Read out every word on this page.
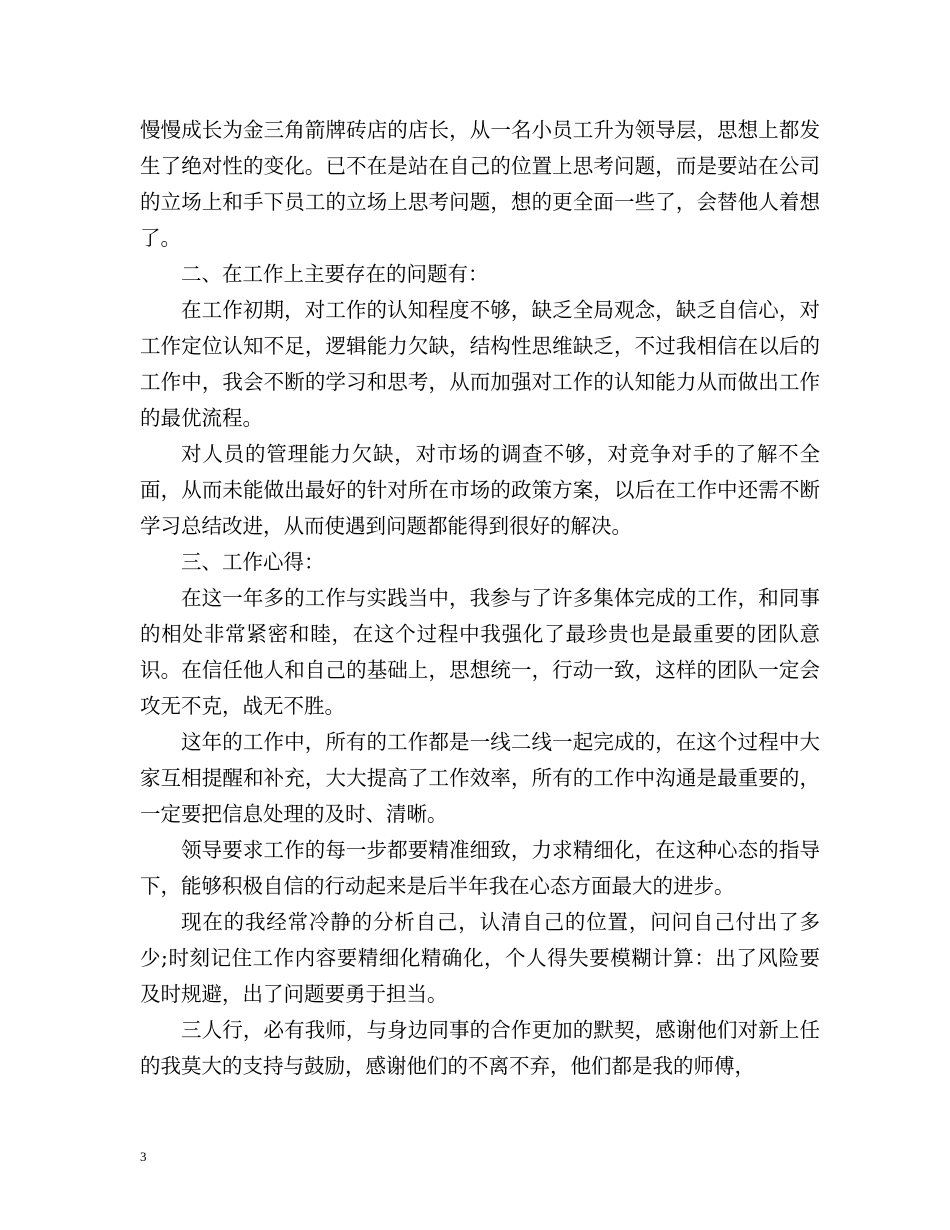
慢慢成长为金三角箭牌砖店的店长，从一名小员工升为领导层，思想上都发生了绝对性的变化。已不在是站在自己的位置上思考问题，而是要站在公司的立场上和手下员工的立场上思考问题，想的更全面一些了，会替他人着想了。

二、在工作上主要存在的问题有：

在工作初期，对工作的认知程度不够，缺乏全局观念，缺乏自信心，对工作定位认知不足，逻辑能力欠缺，结构性思维缺乏，不过我相信在以后的工作中，我会不断的学习和思考，从而加强对工作的认知能力从而做出工作的最优流程。

对人员的管理能力欠缺，对市场的调查不够，对竞争对手的了解不全面，从而未能做出最好的针对所在市场的政策方案，以后在工作中还需不断学习总结改进，从而使遇到问题都能得到很好的解决。

三、工作心得：

在这一年多的工作与实践当中，我参与了许多集体完成的工作，和同事的相处非常紧密和睦，在这个过程中我强化了最珍贵也是最重要的团队意识。在信任他人和自己的基础上，思想统一，行动一致，这样的团队一定会攻无不克，战无不胜。

这年的工作中，所有的工作都是一线二线一起完成的，在这个过程中大家互相提醒和补充，大大提高了工作效率，所有的工作中沟通是最重要的，一定要把信息处理的及时、清晰。

领导要求工作的每一步都要精准细致，力求精细化，在这种心态的指导下，能够积极自信的行动起来是后半年我在心态方面最大的进步。

现在的我经常冷静的分析自己，认清自己的位置，问问自己付出了多少;时刻记住工作内容要精细化精确化，个人得失要模糊计算：出了风险要及时规避，出了问题要勇于担当。

三人行，必有我师，与身边同事的合作更加的默契，感谢他们对新上任的我莫大的支持与鼓励，感谢他们的不离不弃，他们都是我的师傅，

3
